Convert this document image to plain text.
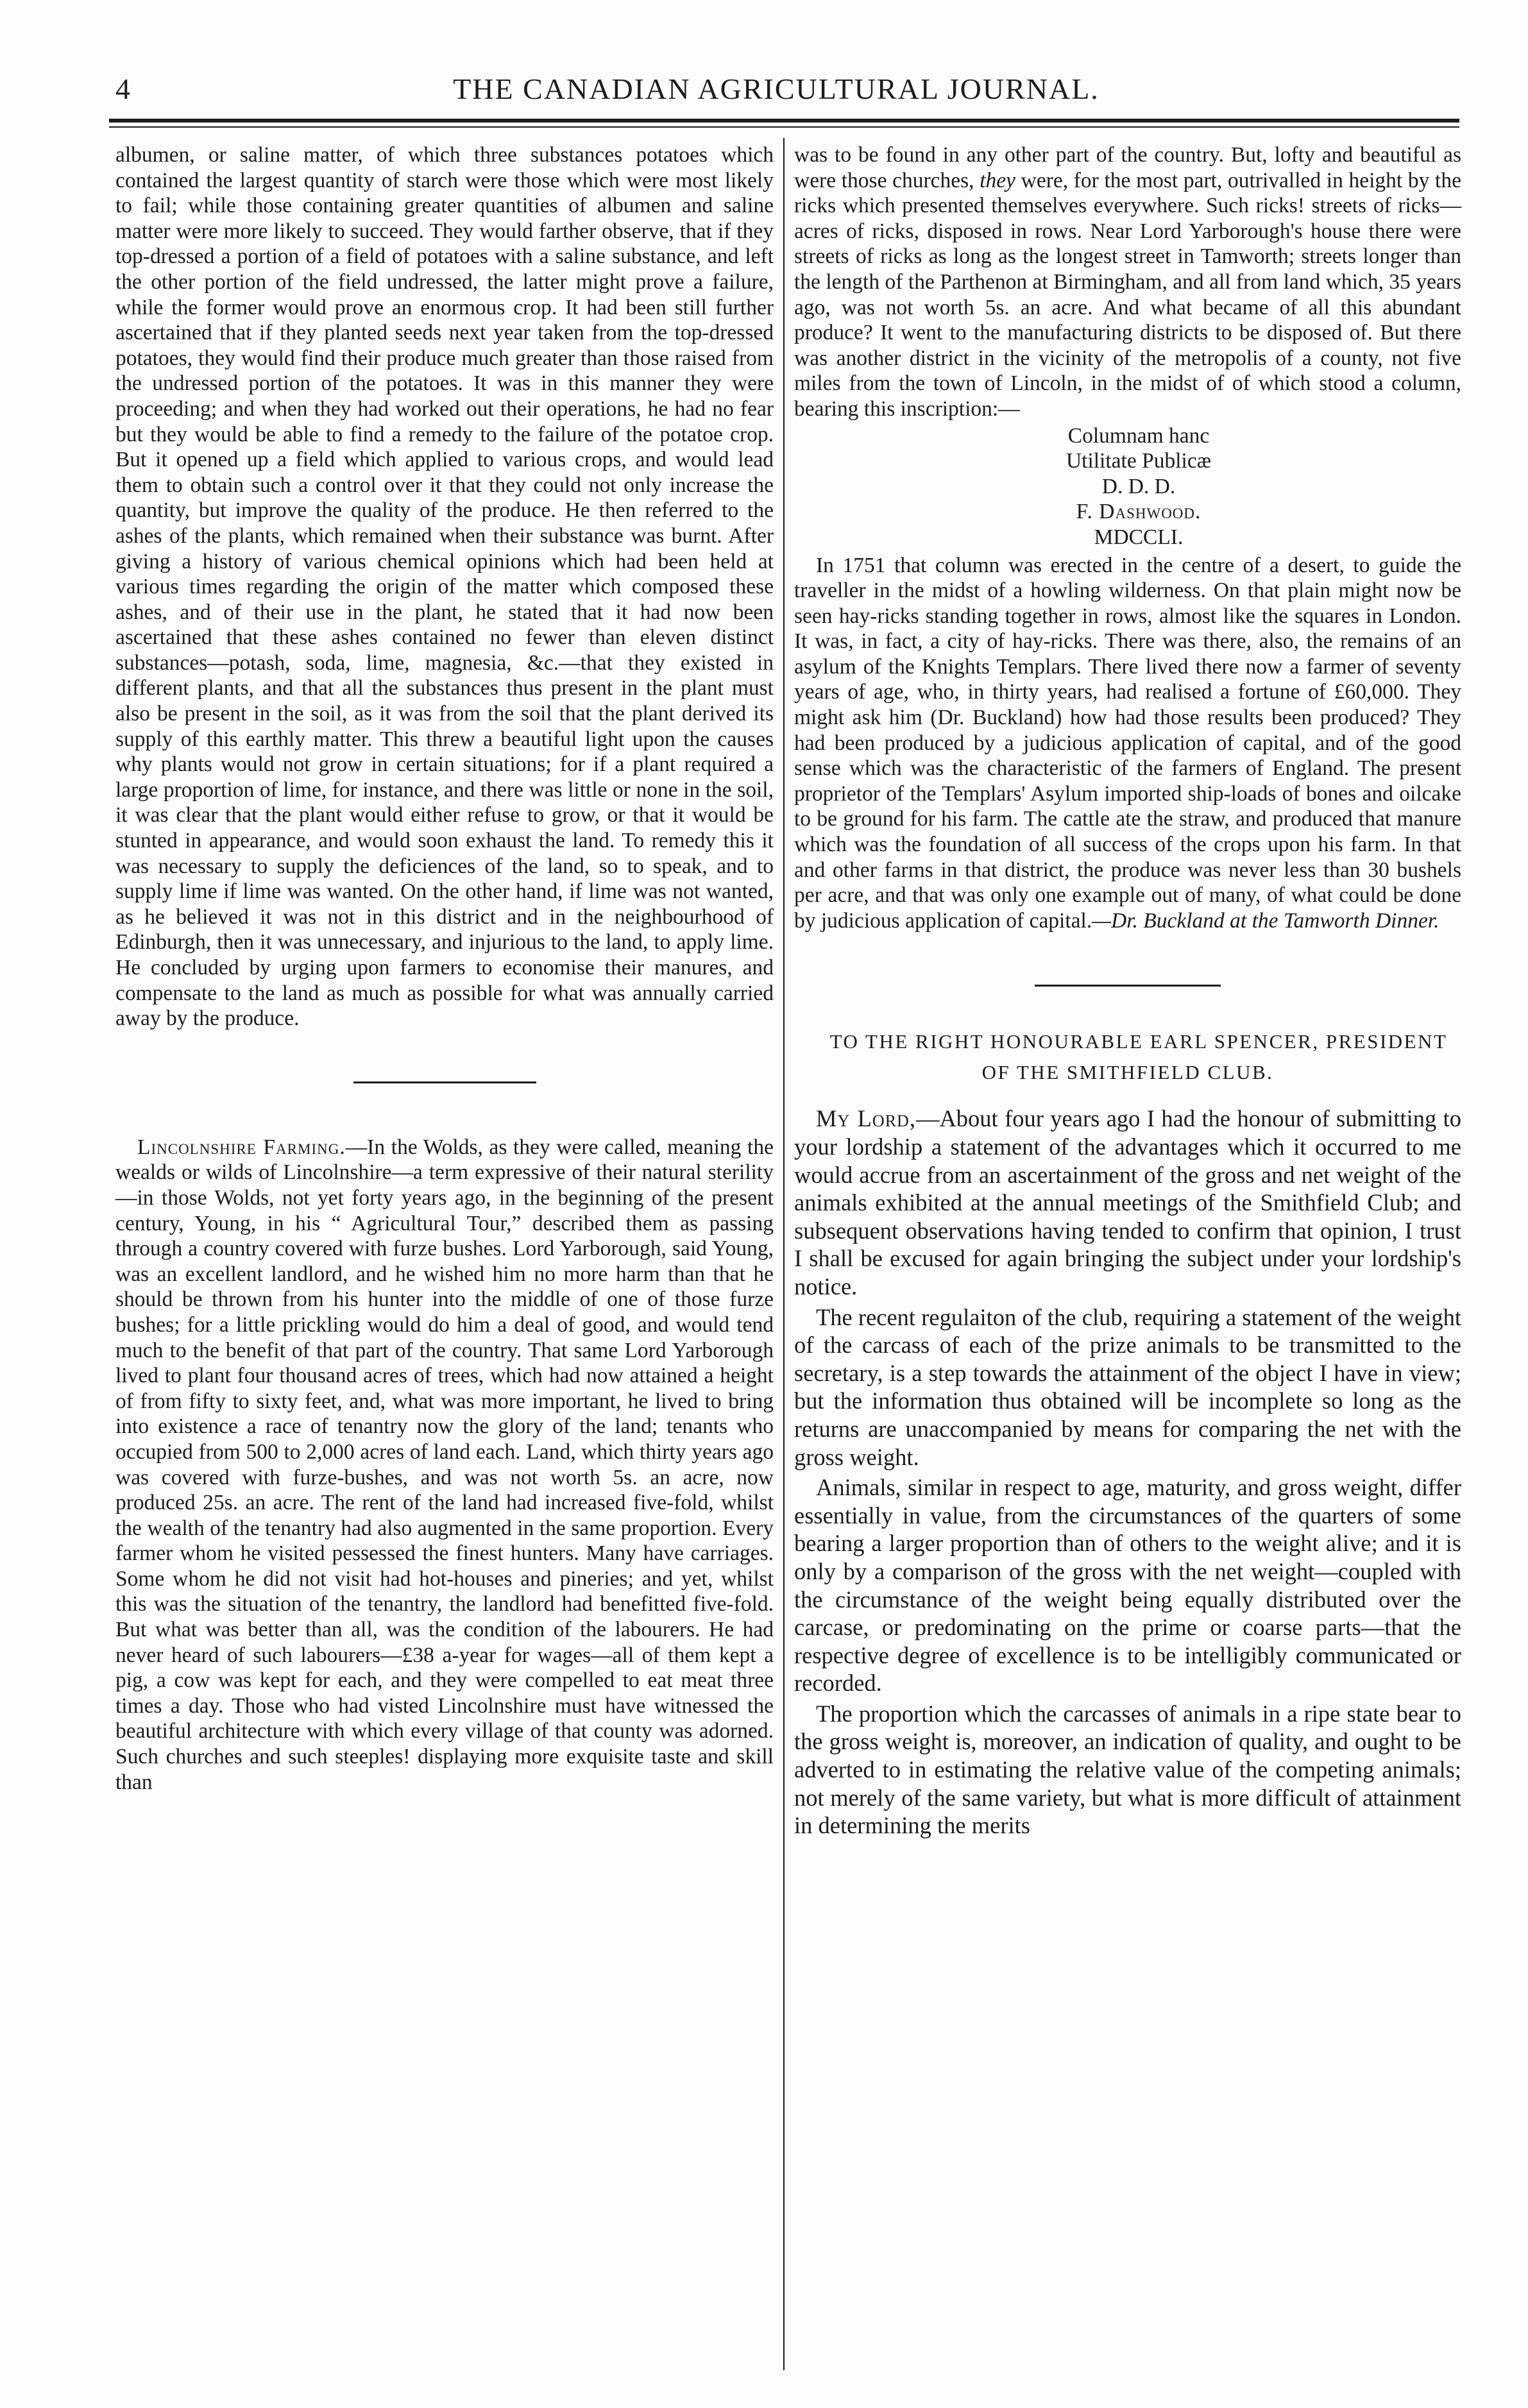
4	THE CANADIAN AGRICULTURAL JOURNAL.

albumen, or saline matter, of which three substances potatoes which contained the largest quantity of starch were those which were most likely to fail; while those containing greater quantities of albumen and saline matter were more likely to succeed. They would farther observe, that if they top-dressed a portion of a field of potatoes with a saline substance, and left the other portion of the field undressed, the latter might prove a failure, while the former would prove an enormous crop. It had been still further ascertained that if they planted seeds next year taken from the top-dressed potatoes, they would find their produce much greater than those raised from the undressed portion of the potatoes. It was in this manner they were proceeding; and when they had worked out their operations, he had no fear but they would be able to find a remedy to the failure of the potatoe crop. But it opened up a field which applied to various crops, and would lead them to obtain such a control over it that they could not only increase the quantity, but improve the quality of the produce. He then referred to the ashes of the plants, which remained when their substance was burnt. After giving a history of various chemical opinions which had been held at various times regarding the origin of the matter which composed these ashes, and of their use in the plant, he stated that it had now been ascertained that these ashes contained no fewer than eleven distinct substances—potash, soda, lime, magnesia, &c.—that they existed in different plants, and that all the substances thus present in the plant must also be present in the soil, as it was from the soil that the plant derived its supply of this earthly matter. This threw a beautiful light upon the causes why plants would not grow in certain situations; for if a plant required a large proportion of lime, for instance, and there was little or none in the soil, it was clear that the plant would either refuse to grow, or that it would be stunted in appearance, and would soon exhaust the land. To remedy this it was necessary to supply the deficiences of the land, so to speak, and to supply lime if lime was wanted. On the other hand, if lime was not wanted, as he believed it was not in this district and in the neighbourhood of Edinburgh, then it was unnecessary, and injurious to the land, to apply lime. He concluded by urging upon farmers to economise their manures, and compensate to the land as much as possible for what was annually carried away by the produce.

Lincolnshire Farming.—In the Wolds, as they were called, meaning the wealds or wilds of Lincolnshire—a term expressive of their natural sterility—in those Wolds, not yet forty years ago, in the beginning of the present century, Young, in his “ Agricultural Tour,” described them as passing through a country covered with furze bushes. Lord Yarborough, said Young, was an excellent landlord, and he wished him no more harm than that he should be thrown from his hunter into the middle of one of those furze bushes; for a little prickling would do him a deal of good, and would tend much to the benefit of that part of the country. That same Lord Yarborough lived to plant four thousand acres of trees, which had now attained a height of from fifty to sixty feet, and, what was more important, he lived to bring into existence a race of tenantry now the glory of the land; tenants who occupied from 500 to 2,000 acres of land each. Land, which thirty years ago was covered with furze-bushes, and was not worth 5s. an acre, now produced 25s. an acre. The rent of the land had increased five-fold, whilst the wealth of the tenantry had also augmented in the same proportion. Every farmer whom he visited pessessed the finest hunters. Many have carriages. Some whom he did not visit had hot-houses and pineries; and yet, whilst this was the situation of the tenantry, the landlord had benefitted five-fold. But what was better than all, was the condition of the labourers. He had never heard of such labourers—£38 a-year for wages—all of them kept a pig, a cow was kept for each, and they were compelled to eat meat three times a day. Those who had visted Lincolnshire must have witnessed the beautiful architecture with which every village of that county was adorned. Such churches and such steeples! displaying more exquisite taste and skill than

was to be found in any other part of the country. But, lofty and beautiful as were those churches, they were, for the most part, outrivalled in height by the ricks which presented themselves everywhere. Such ricks! streets of ricks—acres of ricks, disposed in rows. Near Lord Yarborough's house there were streets of ricks as long as the longest street in Tamworth; streets longer than the length of the Parthenon at Birmingham, and all from land which, 35 years ago, was not worth 5s. an acre. And what became of all this abundant produce? It went to the manufacturing districts to be disposed of. But there was another district in the vicinity of the metropolis of a county, not five miles from the town of Lincoln, in the midst of of which stood a column, bearing this inscription:—

Columnam hanc

Utilitate Publicæ

D. D. D.

F. Dashwood.

MDCCLI.

In 1751 that column was erected in the centre of a desert, to guide the traveller in the midst of a howling wilderness. On that plain might now be seen hay-ricks standing together in rows, almost like the squares in London. It was, in fact, a city of hay-ricks. There was there, also, the remains of an asylum of the Knights Templars. There lived there now a farmer of seventy years of age, who, in thirty years, had realised a fortune of £60,000. They might ask him (Dr. Buckland) how had those results been produced? They had been produced by a judicious application of capital, and of the good sense which was the characteristic of the farmers of England. The present proprietor of the Templars' Asylum imported ship-loads of bones and oilcake to be ground for his farm. The cattle ate the straw, and produced that manure which was the foundation of all success of the crops upon his farm. In that and other farms in that district, the produce was never less than 30 bushels per acre, and that was only one example out of many, of what could be done by judicious application of capital.—Dr. Buckland at the Tamworth Dinner.

TO THE RIGHT HONOURABLE EARL SPENCER, PRESIDENT OF THE SMITHFIELD CLUB.

My Lord,—About four years ago I had the honour of submitting to your lordship a statement of the advantages which it occurred to me would accrue from an ascertainment of the gross and net weight of the animals exhibited at the annual meetings of the Smithfield Club; and subsequent observations having tended to confirm that opinion, I trust I shall be excused for again bringing the subject under your lordship's notice.

The recent regulaiton of the club, requiring a statement of the weight of the carcass of each of the prize animals to be transmitted to the secretary, is a step towards the attainment of the object I have in view; but the information thus obtained will be incomplete so long as the returns are unaccompanied by means for comparing the net with the gross weight.

Animals, similar in respect to age, maturity, and gross weight, differ essentially in value, from the circumstances of the quarters of some bearing a larger proportion than of others to the weight alive; and it is only by a comparison of the gross with the net weight—coupled with the circumstance of the weight being equally distributed over the carcase, or predominating on the prime or coarse parts—that the respective degree of excellence is to be intelligibly communicated or recorded.

The proportion which the carcasses of animals in a ripe state bear to the gross weight is, moreover, an indication of quality, and ought to be adverted to in estimating the relative value of the competing animals; not merely of the same variety, but what is more difficult of attainment in determining the merits
